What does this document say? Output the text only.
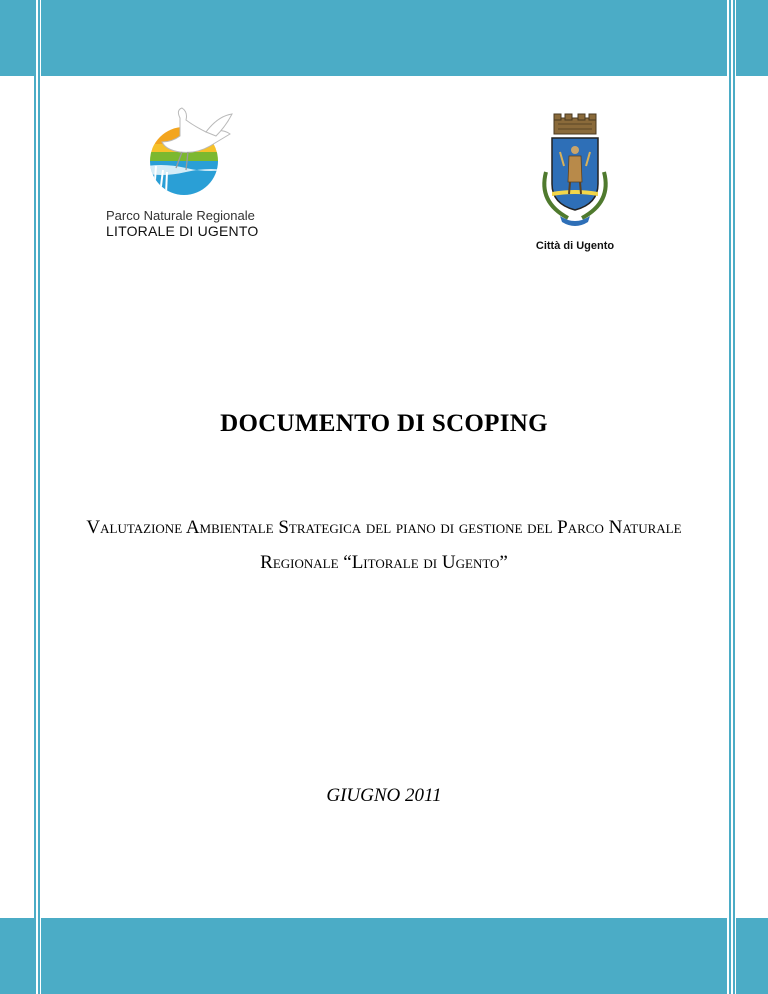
Parco Naturale Regionale
LITORALE DI UGENTO
Città di Ugento
DOCUMENTO DI SCOPING
Valutazione Ambientale Strategica del piano di gestione del Parco Naturale Regionale “Litorale di Ugento”
GIUGNO 2011
